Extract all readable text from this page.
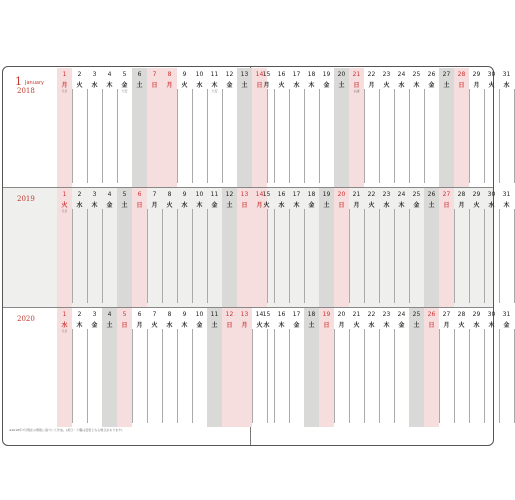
1 January
2018
1
月
元日
2
火
3
水
4
木
5
金
大安
6
土
7
日
8
月
9
火
10
水
11
木
大安
12
金
13
土
14
日
15
月
16
火
17
水
18
木
19
金
20
土
21
日
仏滅
22
月
23
火
24
水
25
木
26
金
27
土
28
日
29
月
30
火
31
水
2019
1
火
元日
2
水
3
木
4
金
5
土
6
日
7
月
8
火
9
水
10
木
11
金
12
土
13
日
14
月
15
火
16
水
17
木
18
金
19
土
20
日
21
月
22
火
23
水
24
木
25
金
26
土
27
日
28
月
29
火
30
水
31
木
2020
1
水
元日
2
木
3
金
4
土
5
日
6
月
7
火
8
水
9
木
10
金
11
土
12
日
13
月
14
火
15
水
16
木
17
金
18
土
19
日
20
月
21
火
22
水
23
木
24
金
25
土
26
日
27
月
28
火
29
水
30
木
31
金
※2018年7月現在の情報に基づいて作成。(祝日・六曜は変更となる場合があります)
